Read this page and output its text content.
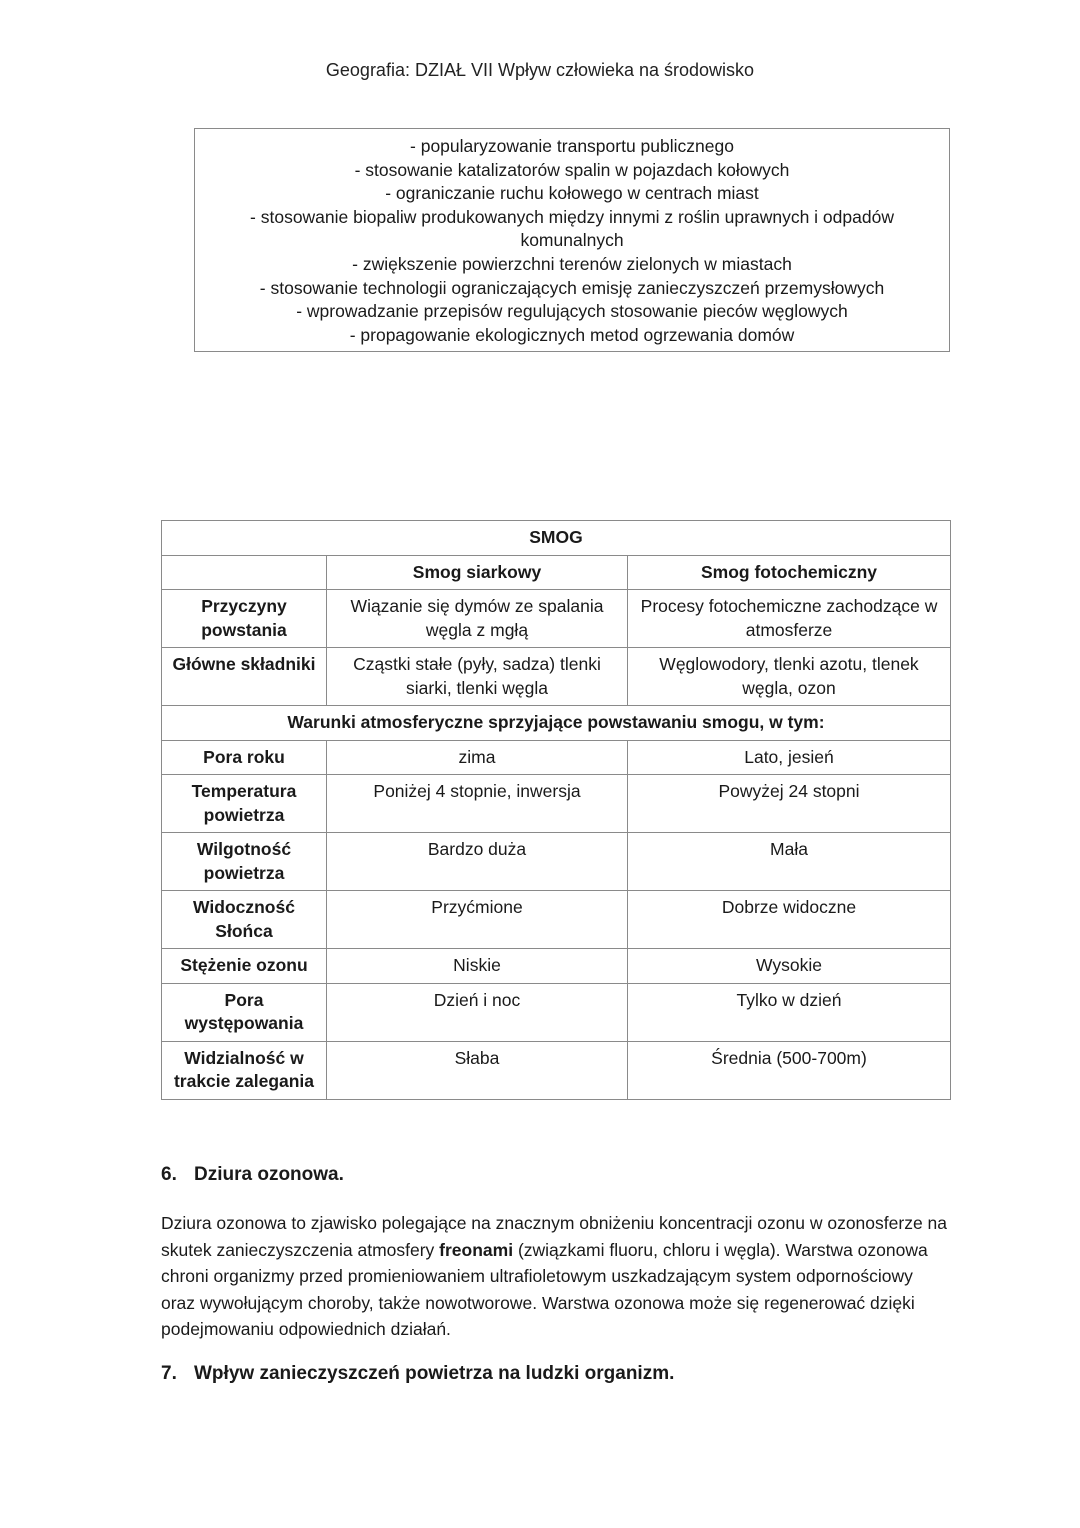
Geografia: DZIAŁ VII Wpływ człowieka na środowisko
- popularyzowanie transportu publicznego
- stosowanie katalizatorów spalin w pojazdach kołowych
- ograniczanie ruchu kołowego w centrach miast
- stosowanie biopaliw produkowanych między innymi z roślin uprawnych i odpadów
komunalnych
- zwiększenie powierzchni terenów zielonych w miastach
- stosowanie technologii ograniczających emisję zanieczyszczeń przemysłowych
- wprowadzanie przepisów regulujących stosowanie pieców węglowych
- propagowanie ekologicznych metod ogrzewania domów
SMOG		
	Smog siarkowy	Smog fotochemiczny
Przyczyny powstania	Wiązanie się dymów ze spalania węgla z mgłą	Procesy fotochemiczne zachodzące w atmosferze
Główne składniki	Cząstki stałe (pyły, sadza) tlenki siarki, tlenki węgla	Węglowodory, tlenki azotu, tlenek węgla, ozon
Warunki atmosferyczne sprzyjające powstawaniu smogu, w tym:		
Pora roku	zima	Lato, jesień
Temperatura powietrza	Poniżej 4 stopnie, inwersja	Powyżej 24 stopni
Wilgotność powietrza	Bardzo duża	Mała
Widoczność Słońca	Przyćmione	Dobrze widoczne
Stężenie ozonu	Niskie	Wysokie
Pora występowania	Dzień i noc	Tylko w dzień
Widzialność w trakcie zalegania	Słaba	Średnia (500-700m)
6. Dziura ozonowa.
Dziura ozonowa to zjawisko polegające na znacznym obniżeniu koncentracji ozonu w ozonosferze na skutek zanieczyszczenia atmosfery freonami (związkami fluoru, chloru i węgla). Warstwa ozonowa chroni organizmy przed promieniowaniem ultrafioletowym uszkadzającym system odpornościowy oraz wywołującym choroby, także nowotworowe. Warstwa ozonowa może się regenerować dzięki podejmowaniu odpowiednich działań.
7. Wpływ zanieczyszczeń powietrza na ludzki organizm.
